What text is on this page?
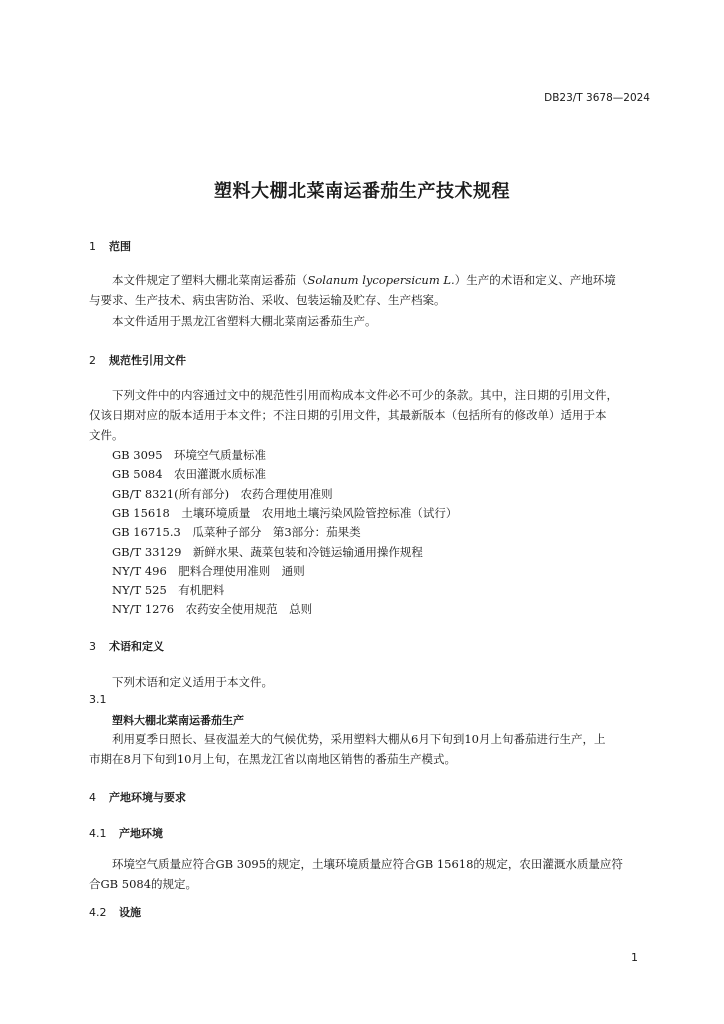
DB23/T 3678—2024
塑料大棚北菜南运番茄生产技术规程
1 范围
本文件规定了塑料大棚北菜南运番茄（Solanum lycopersicum L.）生产的术语和定义、产地环境
与要求、生产技术、病虫害防治、采收、包装运输及贮存、生产档案。
本文件适用于黑龙江省塑料大棚北菜南运番茄生产。
2 规范性引用文件
下列文件中的内容通过文中的规范性引用而构成本文件必不可少的条款。其中，注日期的引用文件，
仅该日期对应的版本适用于本文件；不注日期的引用文件，其最新版本（包括所有的修改单）适用于本
文件。
GB 3095　环境空气质量标准
GB 5084　农田灌溉水质标准
GB/T 8321(所有部分)　农药合理使用准则
GB 15618　土壤环境质量　农用地土壤污染风险管控标准（试行）
GB 16715.3　瓜菜种子部分　第3部分：茄果类
GB/T 33129　新鲜水果、蔬菜包装和冷链运输通用操作规程
NY/T 496　肥料合理使用准则　通则
NY/T 525　有机肥料
NY/T 1276　农药安全使用规范　总则
3 术语和定义
下列术语和定义适用于本文件。
3.1
塑料大棚北菜南运番茄生产
利用夏季日照长、昼夜温差大的气候优势，采用塑料大棚从6月下旬到10月上旬番茄进行生产，上
市期在8月下旬到10月上旬，在黑龙江省以南地区销售的番茄生产模式。
4 产地环境与要求
4.1 产地环境
环境空气质量应符合GB 3095的规定，土壤环境质量应符合GB 15618的规定，农田灌溉水质量应符
合GB 5084的规定。
4.2 设施
1
